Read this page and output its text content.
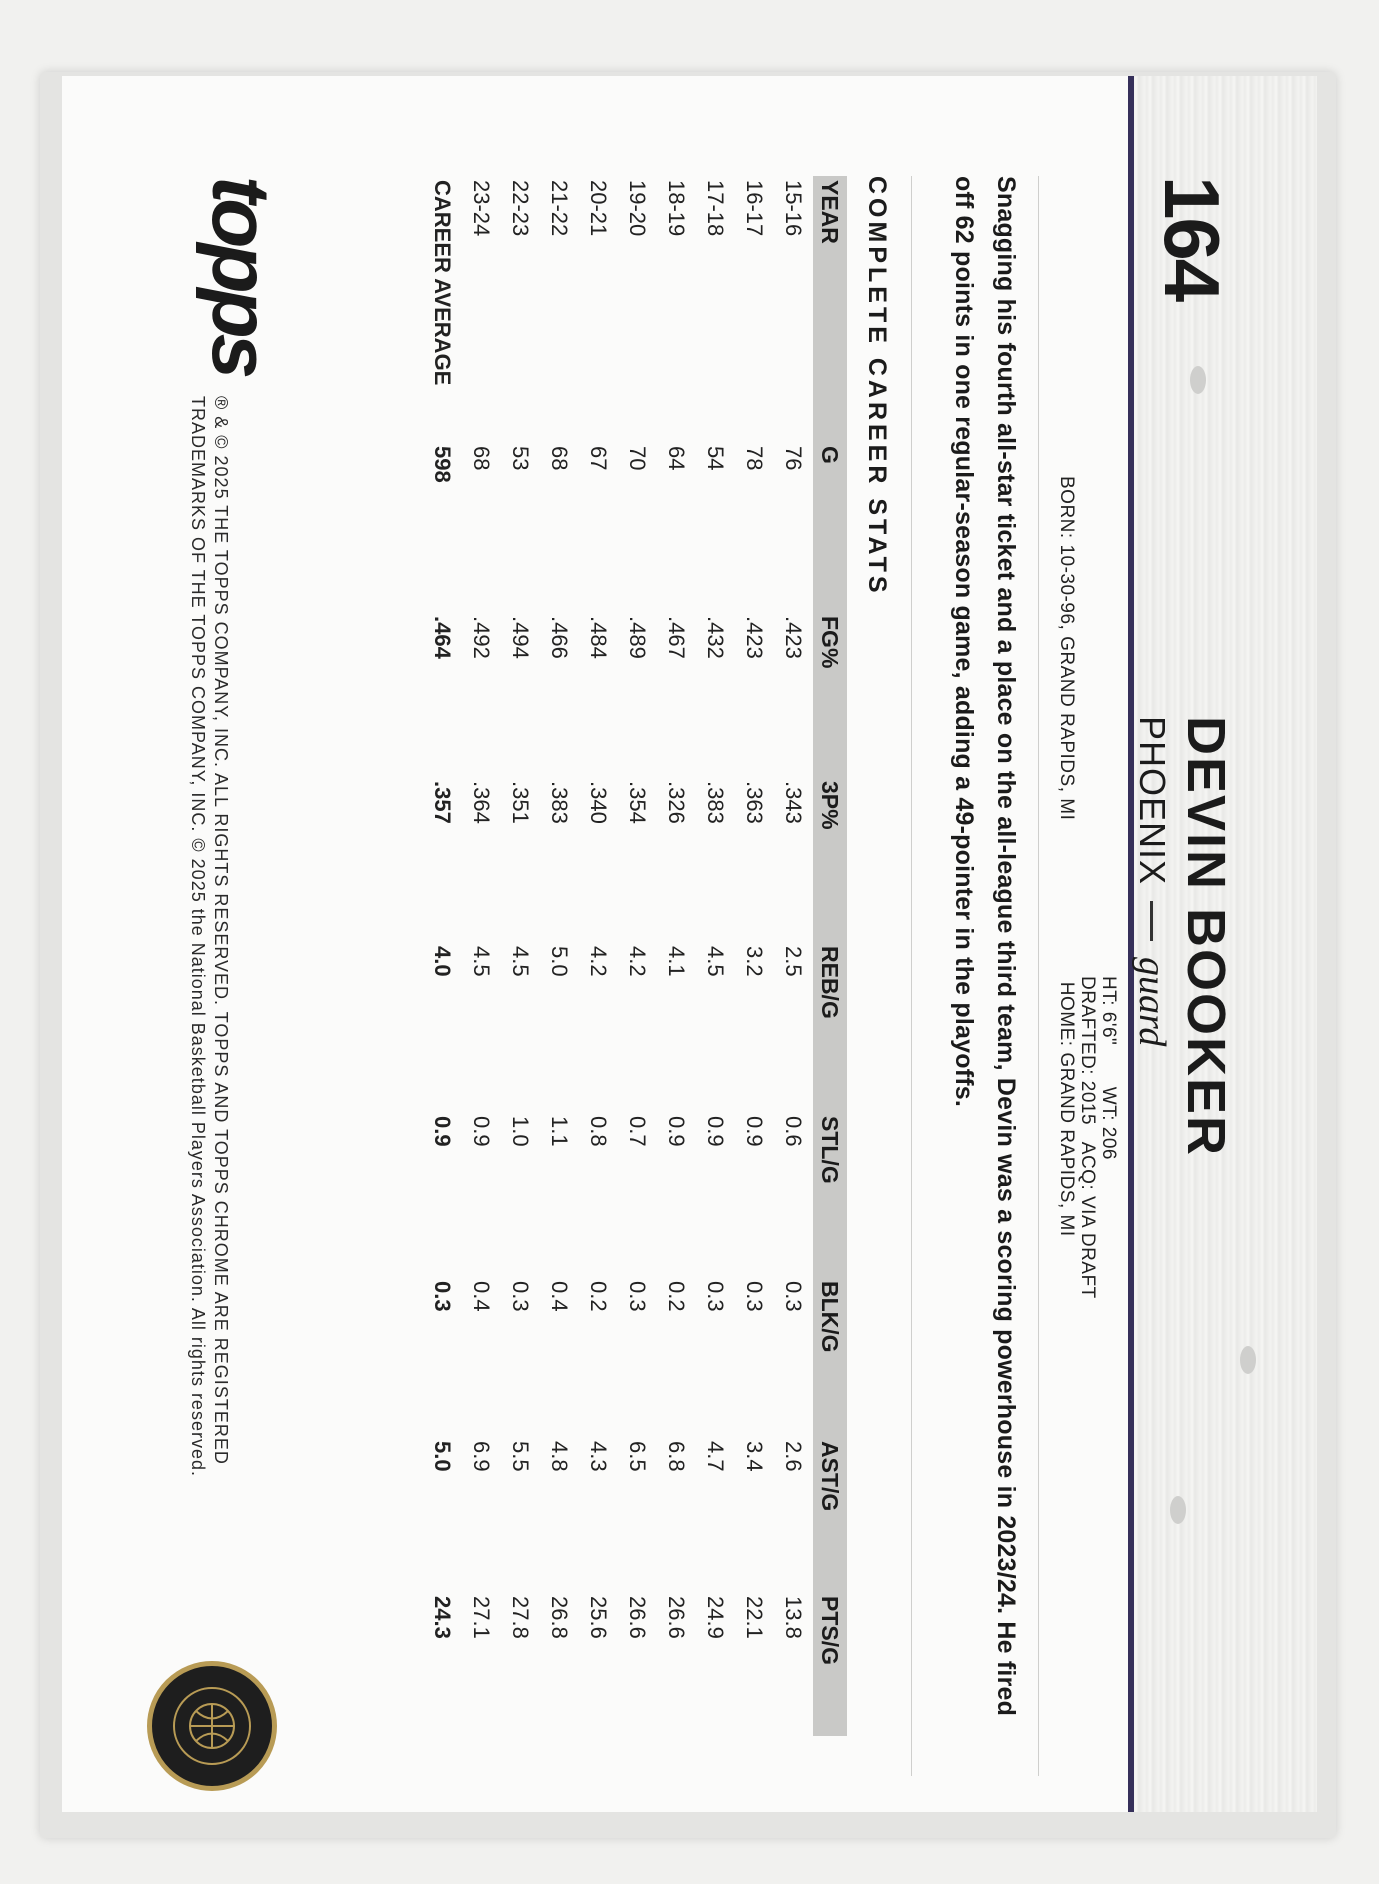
164
DEVIN BOOKER
PHOENIX
guard
HT: 6'6" WT: 206
DRAFTED: 2015 ACQ: VIA DRAFT
BORN: 10-30-96, GRAND RAPIDS, MI HOME: GRAND RAPIDS, MI
Snagging his fourth all-star ticket and a place on the all-league third team, Devin was a scoring powerhouse in 2023/24. He fired off 62 points in one regular-season game, adding a 49-pointer in the playoffs.
COMPLETE CAREER STATS
YEAR	G	FG%	3P%	REB/G	STL/G	BLK/G	AST/G	PTS/G
15-16	76	.423	.343	2.5	0.6	0.3	2.6	13.8
16-17	78	.423	.363	3.2	0.9	0.3	3.4	22.1
17-18	54	.432	.383	4.5	0.9	0.3	4.7	24.9
18-19	64	.467	.326	4.1	0.9	0.2	6.8	26.6
19-20	70	.489	.354	4.2	0.7	0.3	6.5	26.6
20-21	67	.484	.340	4.2	0.8	0.2	4.3	25.6
21-22	68	.466	.383	5.0	1.1	0.4	4.8	26.8
22-23	53	.494	.351	4.5	1.0	0.3	5.5	27.8
23-24	68	.492	.364	4.5	0.9	0.4	6.9	27.1
CAREER AVERAGE	598	.464	.357	4.0	0.9	0.3	5.0	24.3
topps
® & © 2025 THE TOPPS COMPANY, INC. ALL RIGHTS RESERVED. TOPPS AND TOPPS CHROME ARE REGISTERED
TRADEMARKS OF THE TOPPS COMPANY, INC. © 2025 the National Basketball Players Association. All rights reserved.
